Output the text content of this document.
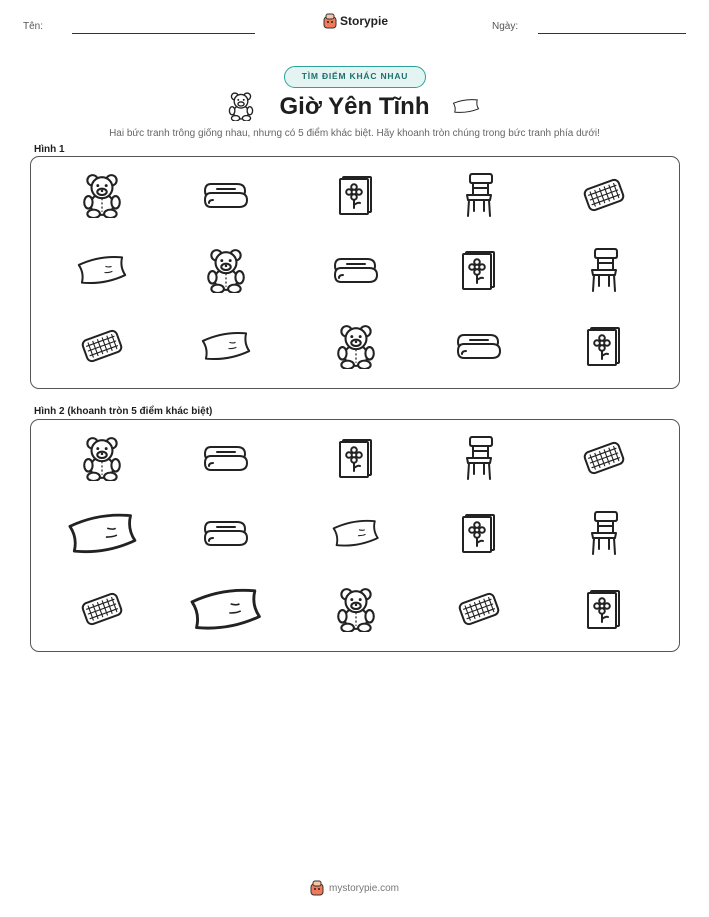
Tên:	Storypie	Ngày:
TÌM ĐIỂM KHÁC NHAU
Giờ Yên Tĩnh
Hai bức tranh trông giống nhau, nhưng có 5 điểm khác biệt. Hãy khoanh tròn chúng trong bức tranh phía dưới!
Hình 1
Hình 2 (khoanh tròn 5 điểm khác biệt)
mystorypie.com
